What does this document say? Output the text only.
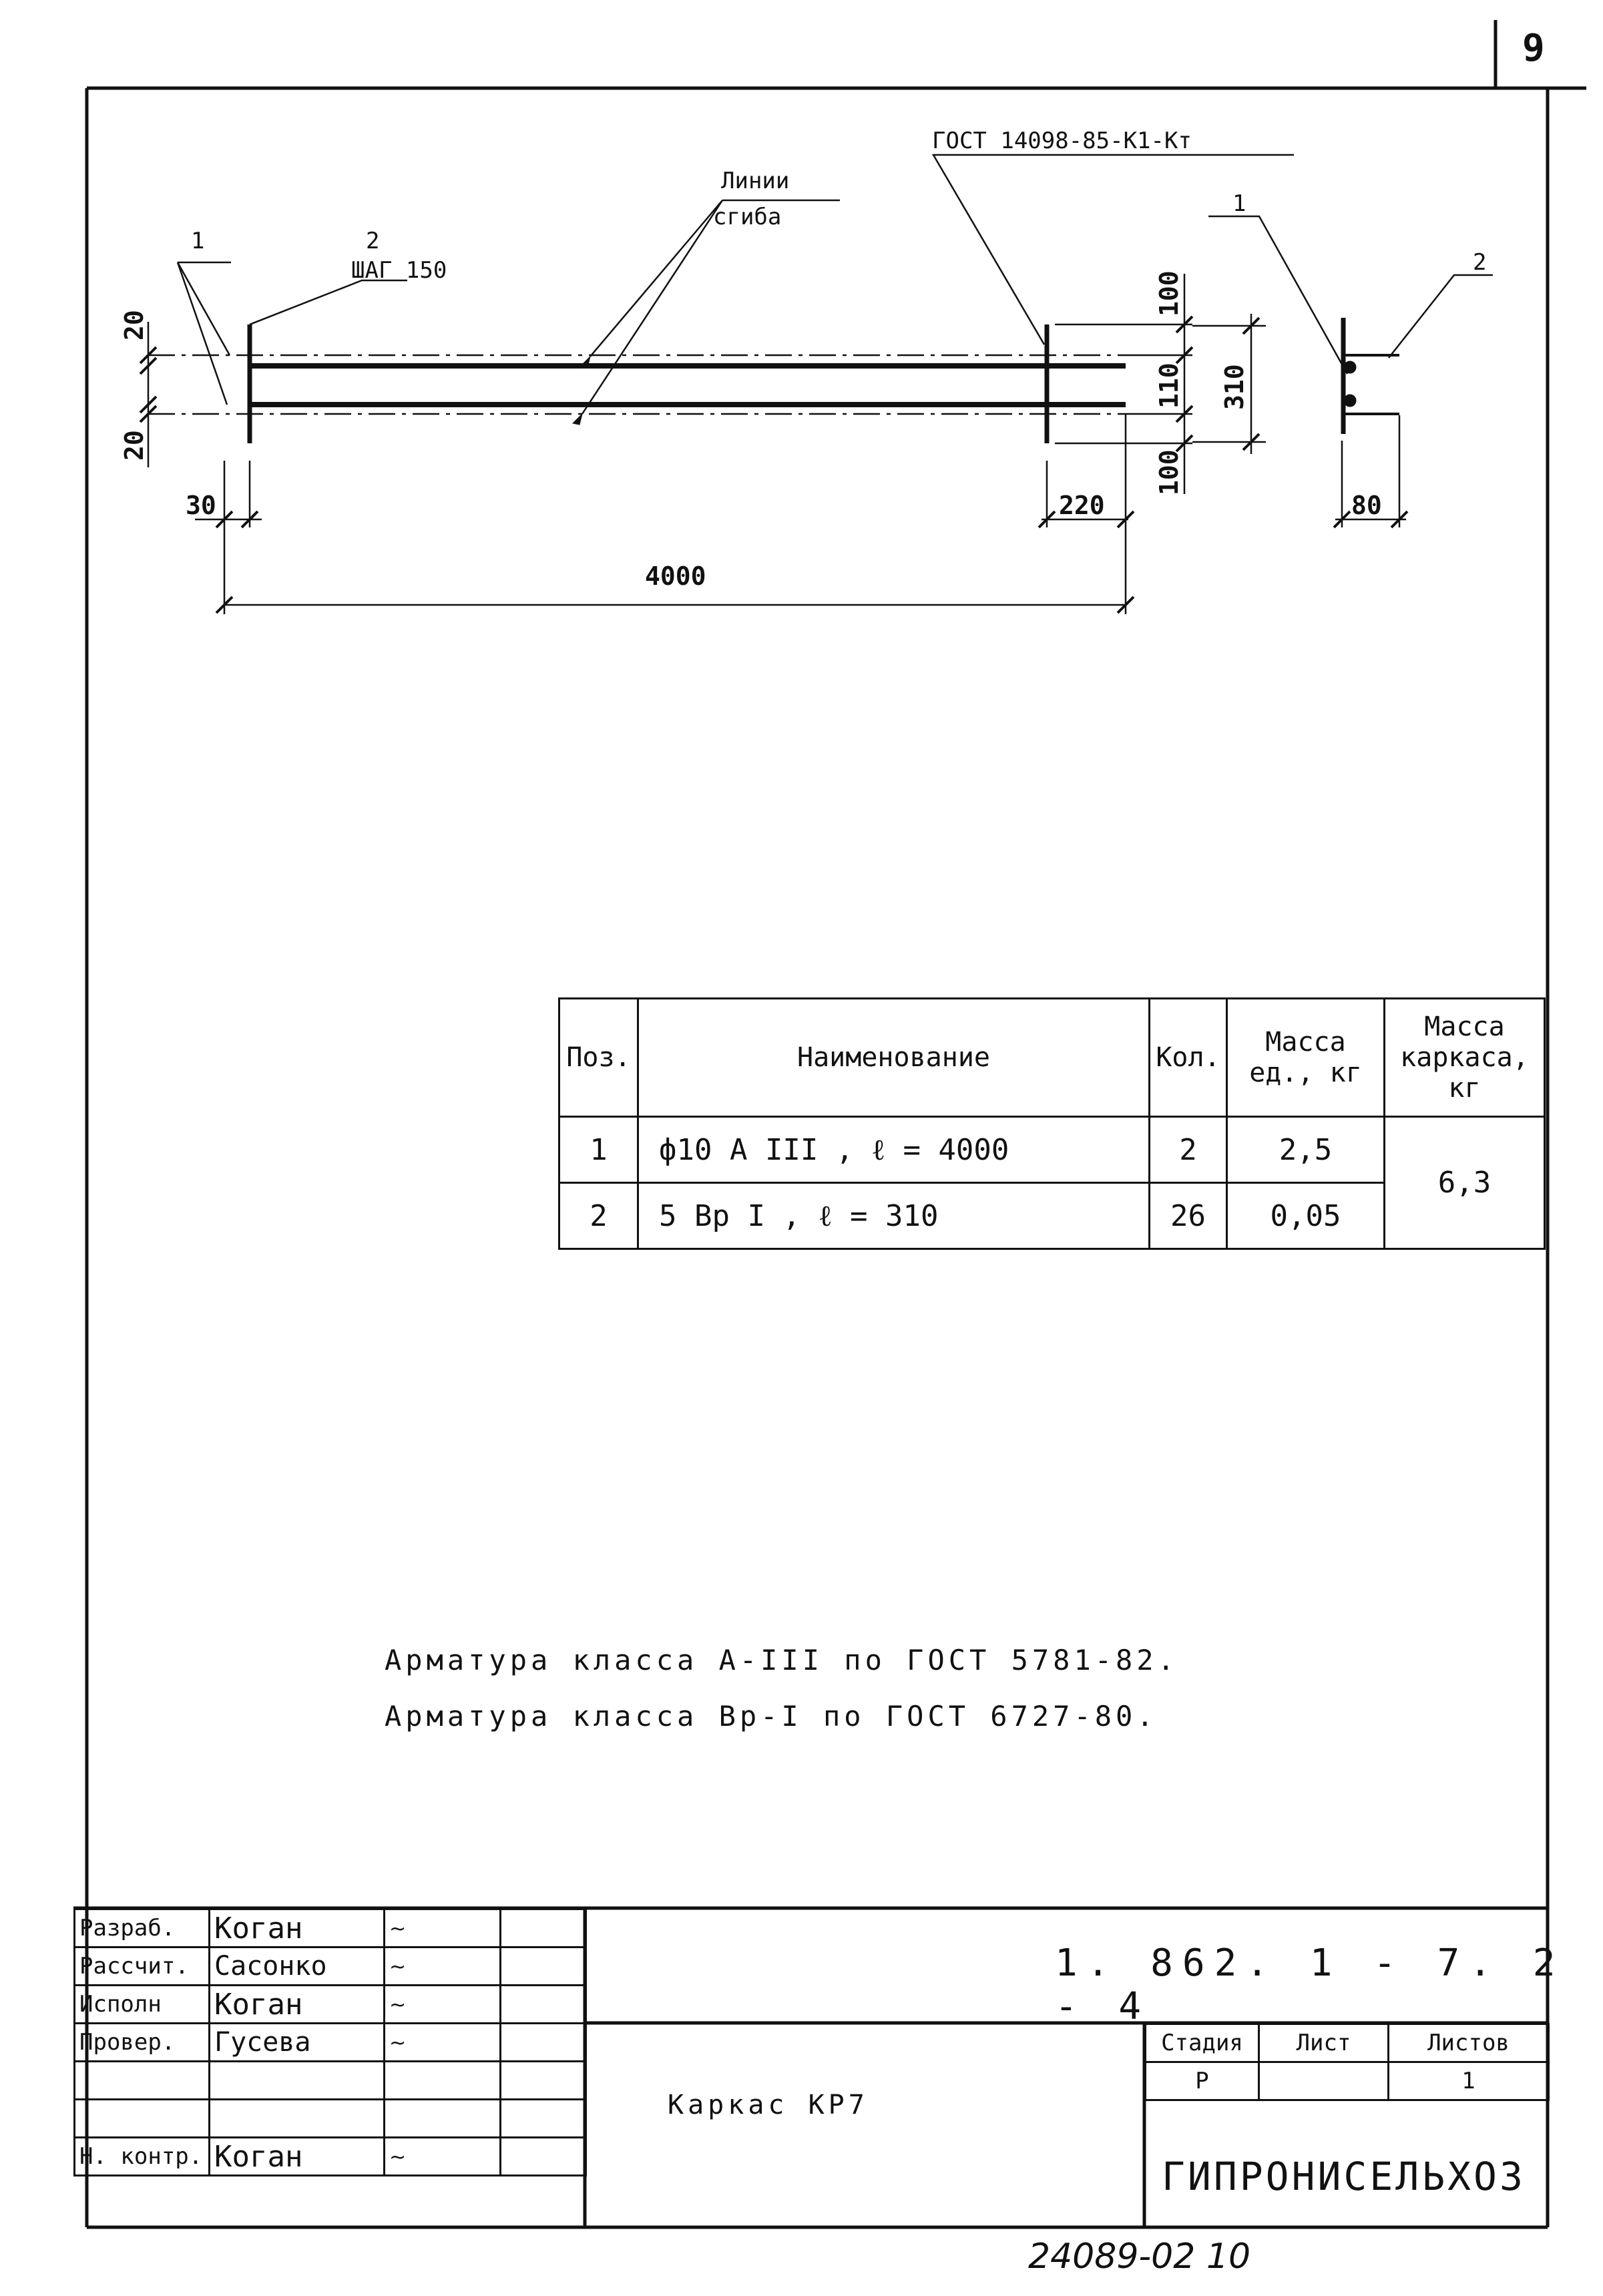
9
ГОСТ 14098-85-К1-Кт
Линии
сгиба
1	2
ШАГ 150
1
2
20
20
30	220
4000
100
110
100
310
80
Поз.	Наименование	Кол.	Масса ед., кг	Масса каркаса, кг
1	ф10 А III , ℓ = 4000	2	2,5	6,3
2	5 Вр I , ℓ = 310	26	0,05	
Арматура класса А-III по ГОСТ 5781-82.
Арматура класса Вр-I по ГОСТ 6727-80.
Разраб.	Коган	~	
Рассчит.	Сасонко	~	
Исполн	Коган	~	
Провер.	Гусева	~	

Н. контр.	Коган	~	
1. 862. 1 - 7. 2 - 4
Каркас КР7
Стадия	Лист	Листов
Р		1
ГИПРОНИСЕЛЬХОЗ
24089-02 10
